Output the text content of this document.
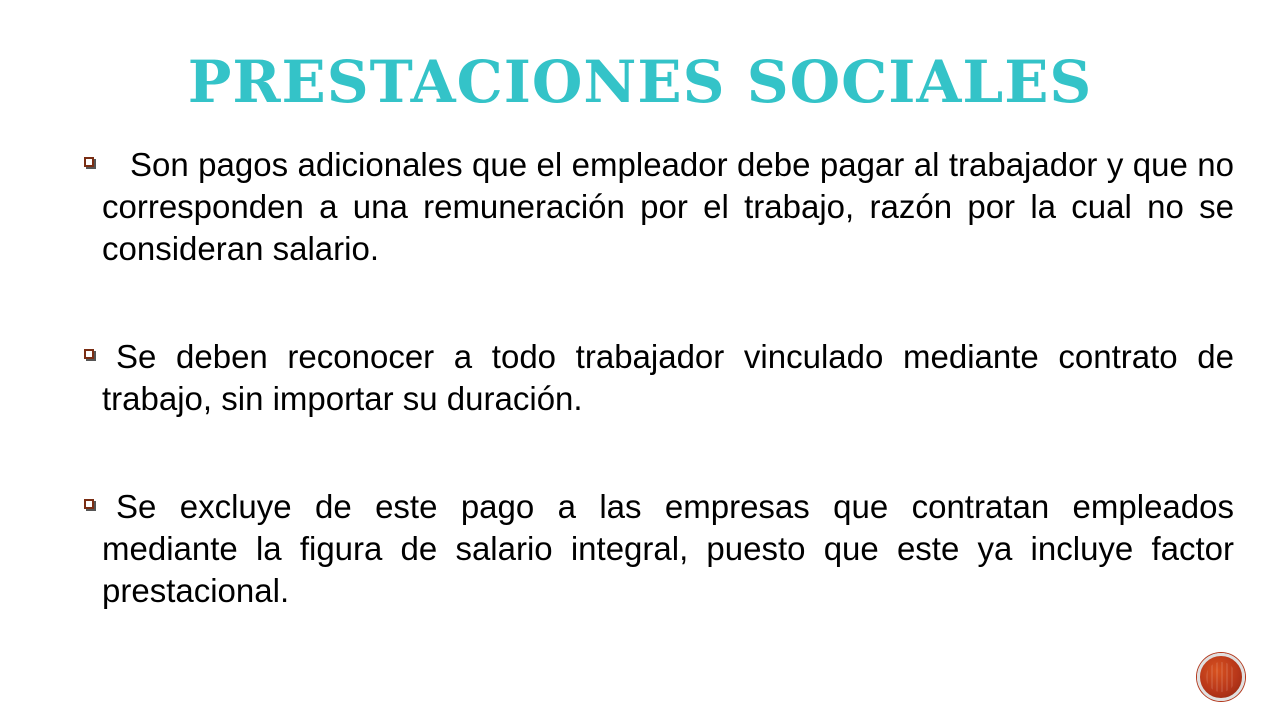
PRESTACIONES SOCIALES

Son pagos adicionales que el empleador debe pagar al trabajador y que no corresponden a una remuneración por el trabajo, razón por la cual no se consideran salario.

Se deben reconocer a todo trabajador vinculado mediante contrato de trabajo, sin importar su duración.

Se excluye de este pago a las empresas que contratan empleados mediante la figura de salario integral, puesto que este ya incluye factor prestacional.
